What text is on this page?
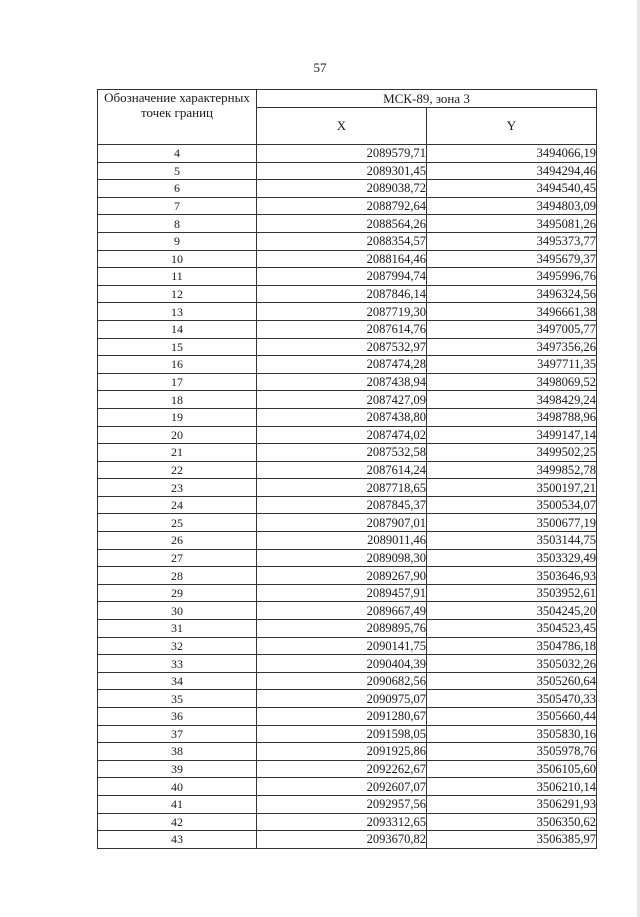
57
Обозначение характерных точек границ	МСК-89, зона 3	
	X	Y
4	2089579,71	3494066,19
5	2089301,45	3494294,46
6	2089038,72	3494540,45
7	2088792,64	3494803,09
8	2088564,26	3495081,26
9	2088354,57	3495373,77
10	2088164,46	3495679,37
11	2087994,74	3495996,76
12	2087846,14	3496324,56
13	2087719,30	3496661,38
14	2087614,76	3497005,77
15	2087532,97	3497356,26
16	2087474,28	3497711,35
17	2087438,94	3498069,52
18	2087427,09	3498429,24
19	2087438,80	3498788,96
20	2087474,02	3499147,14
21	2087532,58	3499502,25
22	2087614,24	3499852,78
23	2087718,65	3500197,21
24	2087845,37	3500534,07
25	2087907,01	3500677,19
26	2089011,46	3503144,75
27	2089098,30	3503329,49
28	2089267,90	3503646,93
29	2089457,91	3503952,61
30	2089667,49	3504245,20
31	2089895,76	3504523,45
32	2090141,75	3504786,18
33	2090404,39	3505032,26
34	2090682,56	3505260,64
35	2090975,07	3505470,33
36	2091280,67	3505660,44
37	2091598,05	3505830,16
38	2091925,86	3505978,76
39	2092262,67	3506105,60
40	2092607,07	3506210,14
41	2092957,56	3506291,93
42	2093312,65	3506350,62
43	2093670,82	3506385,97
